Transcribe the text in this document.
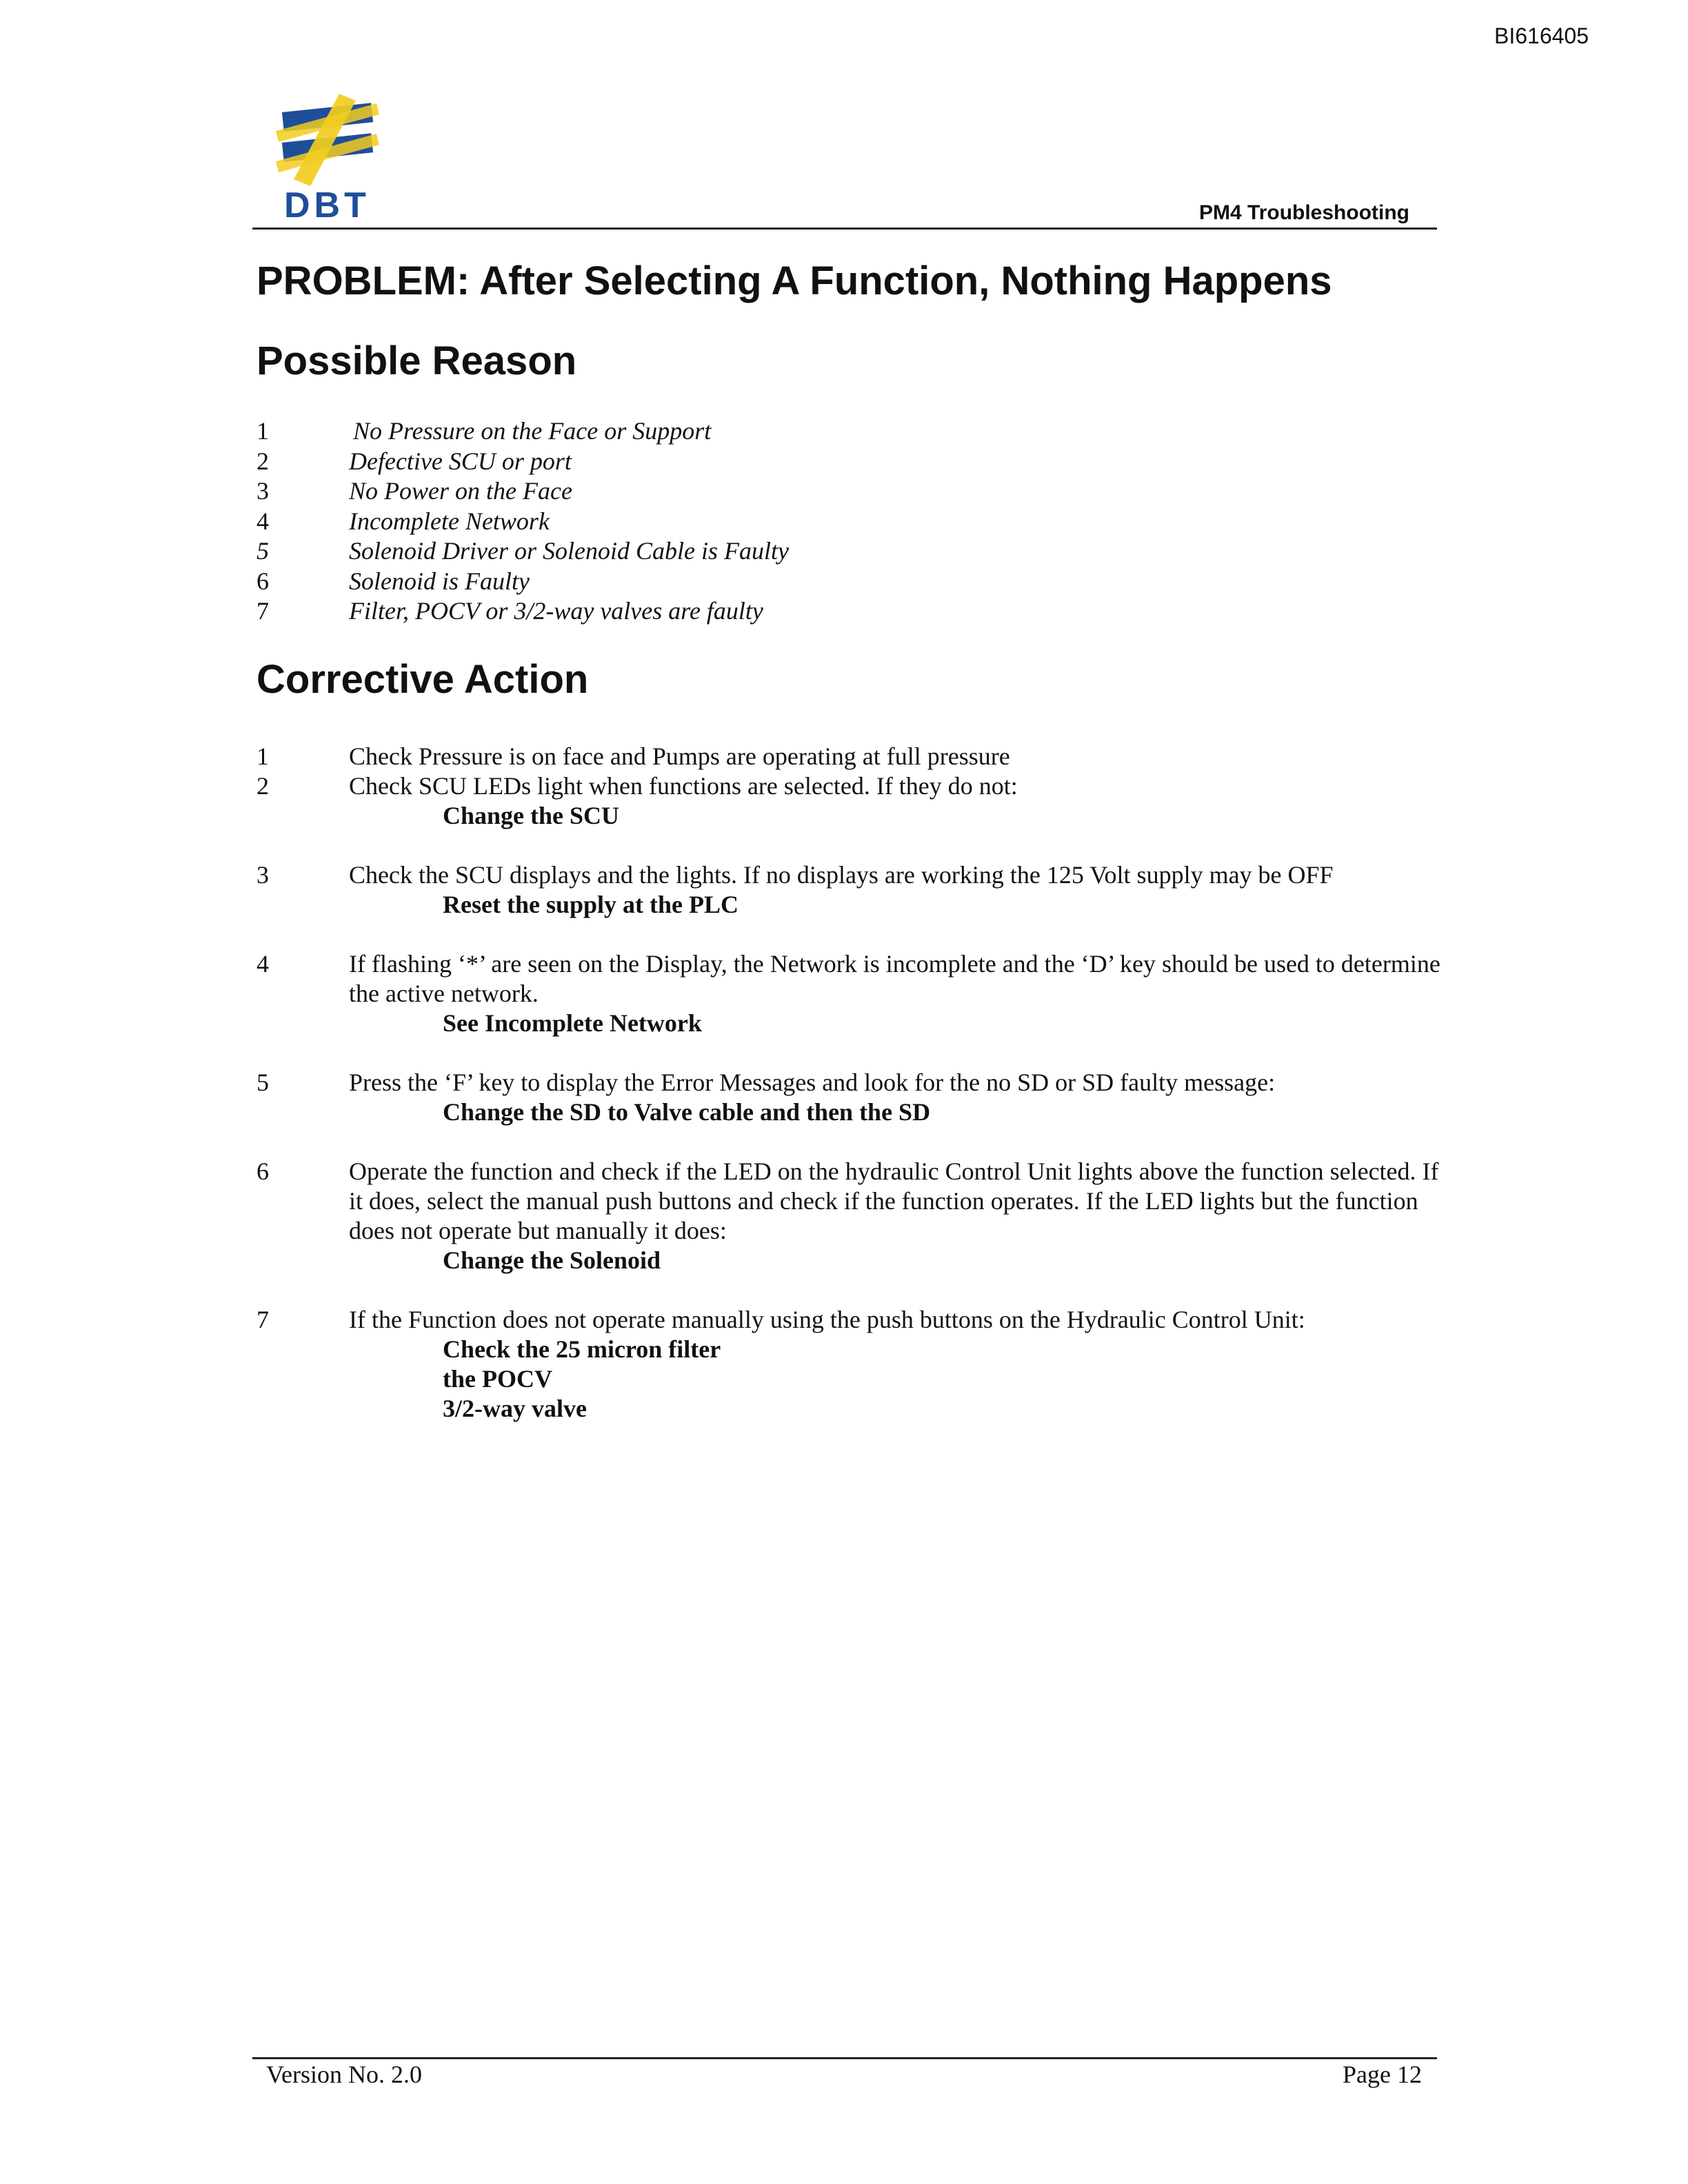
BI616405
DBT	PM4 Troubleshooting
PROBLEM: After Selecting A Function, Nothing Happens
Possible Reason
1	No Pressure on the Face or Support
2	Defective SCU or port
3	No Power on the Face
4	Incomplete Network
5	Solenoid Driver or Solenoid Cable is Faulty
6	Solenoid is Faulty
7	Filter, POCV or 3/2-way valves are faulty
Corrective Action
1	Check Pressure is on face and Pumps are operating at full pressure
2	Check SCU LEDs light when functions are selected. If they do not:
Change the SCU
3	Check the SCU displays and the lights. If no displays are working the 125 Volt supply may be OFF
Reset the supply at the PLC
4	If flashing ‘*’ are seen on the Display, the Network is incomplete and the ‘D’ key should be used to determine the active network.
See Incomplete Network
5	Press the ‘F’ key to display the Error Messages and look for the no SD or SD faulty message:
Change the SD to Valve cable and then the SD
6	Operate the function and check if the LED on the hydraulic Control Unit lights above the function selected. If it does, select the manual push buttons and check if the function operates. If the LED lights but the function does not operate but manually it does:
Change the Solenoid
7	If the Function does not operate manually using the push buttons on the Hydraulic Control Unit:
Check the 25 micron filter
the POCV
3/2-way valve
Version No. 2.0	Page 12
